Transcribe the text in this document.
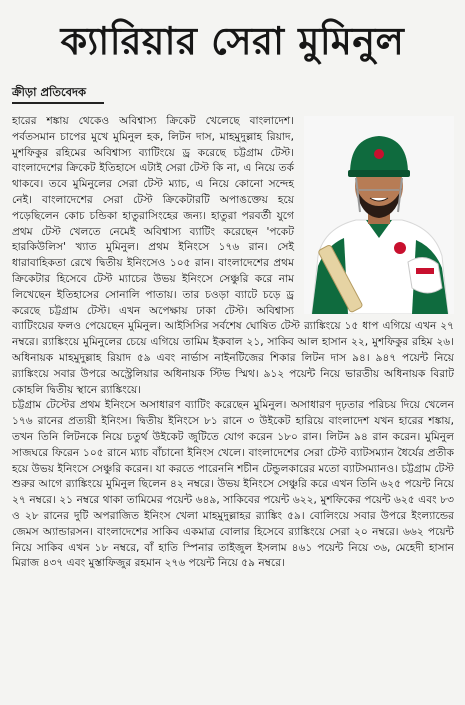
ক্যারিয়ার সেরা মুমিনুল
ক্রীড়া প্রতিবেদক

হারের শঙ্কায় থেকেও অবিশ্বাস্য ক্রিকেট খেলেছে বাংলাদেশ। পর্বতসমান চাপের মুখে মুমিনুল হক, লিটন দাস, মাহমুদুল্লাহ রিয়াদ, মুশফিকুর রহিমের অবিশ্বাস্য ব্যাটিংয়ে ড্র করেছে চট্টগ্রাম টেস্ট। বাংলাদেশের ক্রিকেট ইতিহাসে এটাই সেরা টেস্ট কি না, এ নিয়ে তর্ক থাকবে। তবে মুমিনুলের সেরা টেস্ট ম্যাচ, এ নিয়ে কোনো সন্দেহ নেই। বাংলাদেশের সেরা টেস্ট ক্রিকেটারটি অপাঙক্তেয় হয়ে পড়েছিলেন কোচ চন্ডিকা হাতুরাসিংহের জন্য। হাতুরা পরবর্তী যুগে প্রথম টেস্ট খেলতে নেমেই অবিশ্বাস্য ব্যাটিং করেছেন 'পকেট হারকিউলিস' খ্যাত মুমিনুল। প্রথম ইনিংসে ১৭৬ রান। সেই ধারাবাহিকতা রেখে দ্বিতীয় ইনিংসেও ১০৫ রান। বাংলাদেশের প্রথম ক্রিকেটার হিসেবে টেস্ট ম্যাচের উভয় ইনিংসে সেঞ্চুরি করে নাম লিখেছেন ইতিহাসের সোনালি পাতায়। তার চওড়া ব্যাটে চড়ে ড্র করেছে চট্টগ্রাম টেস্ট। এখন অপেক্ষায় ঢাকা টেস্ট। অবিশ্বাস্য ব্যাটিংয়ের ফলও পেয়েছেন মুমিনুল। আইসিসির সর্বশেষ ঘোষিত টেস্ট র‍্যাঙ্কিংয়ে ১৫ ধাপ এগিয়ে এখন ২৭ নম্বরে। র‍্যাঙ্কিংয়ে মুমিনুলের চেয়ে এগিয়ে তামিম ইকবাল ২১, সাকিব আল হাসান ২২, মুশফিকুর রহিম ২৬। অধিনায়ক মাহমুদুল্লাহ রিয়াদ ৫৯ এবং নার্ভাস নাইনটিজের শিকার লিটন দাস ৯৪। ৯৪৭ পয়েন্ট নিয়ে র‍্যাঙ্কিংয়ে সবার উপরে অস্ট্রেলিয়ার অধিনায়ক স্টিভ স্মিথ। ৯১২ পয়েন্ট নিয়ে ভারতীয় অধিনায়ক বিরাট কোহলি দ্বিতীয় স্থানে র‍্যাঙ্কিংয়ে।

চট্টগ্রাম টেস্টের প্রথম ইনিংসে অসাধারণ ব্যাটিং করেছেন মুমিনুল। অসাধারণ দৃঢ়তার পরিচয় দিয়ে খেলেন ১৭৬ রানের প্রত্যয়ী ইনিংস। দ্বিতীয় ইনিংসে ৮১ রানে ৩ উইকেট হারিয়ে বাংলাদেশ যখন হারের শঙ্কায়, তখন তিনি লিটনকে নিয়ে চতুর্থ উইকেট জুটিতে যোগ করেন ১৮০ রান। লিটন ৯৪ রান করেন। মুমিনুল সাজঘরে ফিরেন ১০৫ রানে ম্যাচ বাঁচানো ইনিংস খেলে। বাংলাদেশের সেরা টেস্ট ব্যাটসম্যান ধৈর্যের প্রতীক হয়ে উভয় ইনিংসে সেঞ্চুরি করেন। যা করতে পারেননি শচীন টেন্ডুলকারের মতো ব্যাটসম্যানও। চট্টগ্রাম টেস্ট শুরুর আগে র‍্যাঙ্কিংয়ে মুমিনুল ছিলেন ৪২ নম্বরে। উভয় ইনিংসে সেঞ্চুরি করে এখন তিনি ৬২৫ পয়েন্ট নিয়ে ২৭ নম্বরে। ২১ নম্বরে থাকা তামিমের পয়েন্ট ৬৪৯, সাকিবের পয়েন্ট ৬২২, মুশফিকের পয়েন্ট ৬২৫ এবং ৮৩ ও ২৮ রানের দুটি অপরাজিত ইনিংস খেলা মাহমুদুল্লাহর র‍্যাঙ্কিং ৫৯। বোলিংয়ে সবার উপরে ইংল্যান্ডের জেমস অ্যান্ডারসন। বাংলাদেশের সাকিব একমাত্র বোলার হিসেবে র‍্যাঙ্কিংয়ে সেরা ২০ নম্বরে। ৬৬২ পয়েন্ট নিয়ে সাকিব এখন ১৮ নম্বরে, বাঁ হাতি স্পিনার তাইজুল ইসলাম ৪৬১ পয়েন্ট নিয়ে ৩৬, মেহেদী হাসান মিরাজ ৪৩৭ এবং মুস্তাফিজুর রহমান ২৭৬ পয়েন্ট নিয়ে ৫৯ নম্বরে।
